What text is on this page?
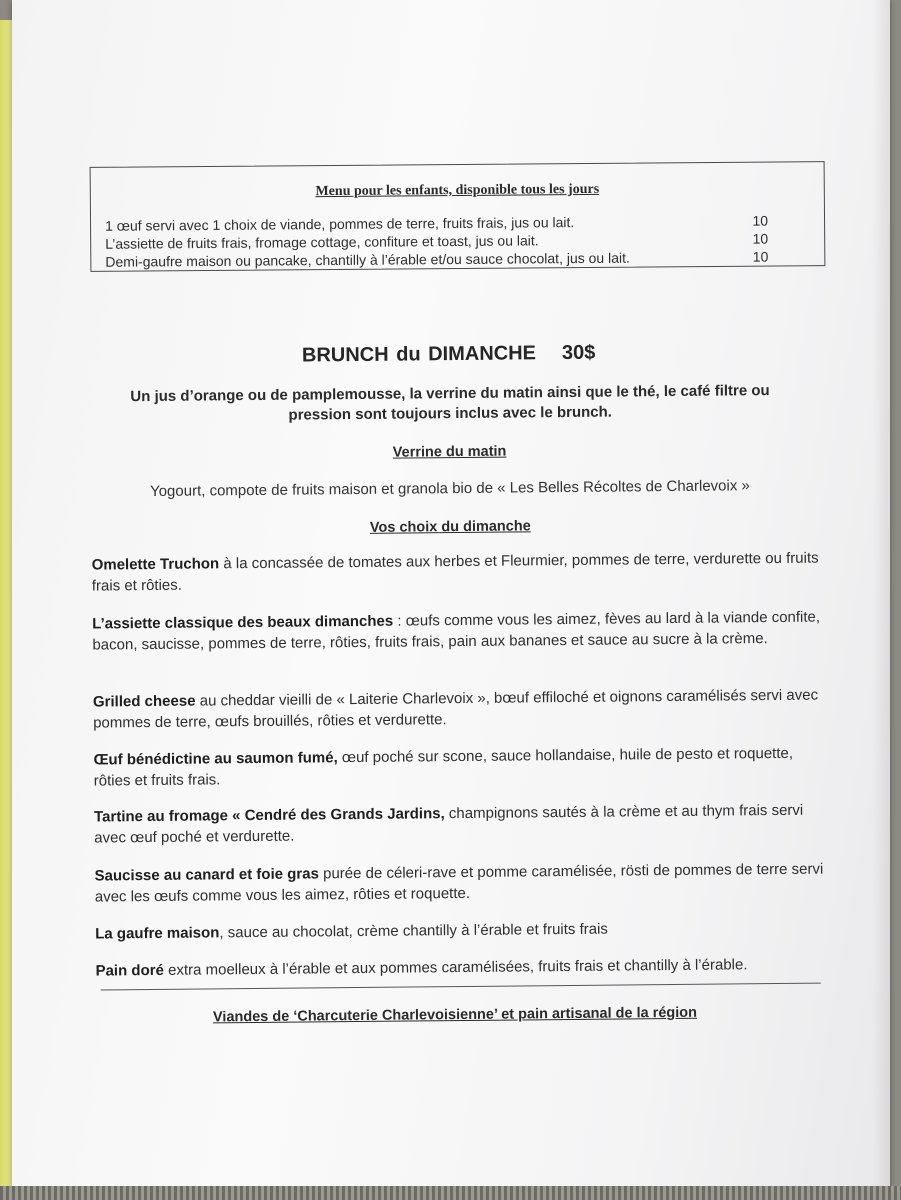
Menu pour les enfants, disponible tous les jours
1 œuf servi avec 1 choix de viande, pommes de terre, fruits frais, jus ou lait.	10
L’assiette de fruits frais, fromage cottage, confiture et toast, jus ou lait.	10
Demi-gaufre maison ou pancake, chantilly à l’érable et/ou sauce chocolat, jus ou lait.	10
BRUNCH du DIMANCHE 30$
Un jus d’orange ou de pamplemousse, la verrine du matin ainsi que le thé, le café filtre ou pression sont toujours inclus avec le brunch.
Verrine du matin
Yogourt, compote de fruits maison et granola bio de « Les Belles Récoltes de Charlevoix »
Vos choix du dimanche
Omelette Truchon à la concassée de tomates aux herbes et Fleurmier, pommes de terre, verdurette ou fruits frais et rôties.
L’assiette classique des beaux dimanches : œufs comme vous les aimez, fèves au lard à la viande confite, bacon, saucisse, pommes de terre, rôties, fruits frais, pain aux bananes et sauce au sucre à la crème.
Grilled cheese au cheddar vieilli de « Laiterie Charlevoix », bœuf effiloché et oignons caramélisés servi avec pommes de terre, œufs brouillés, rôties et verdurette.
Œuf bénédictine au saumon fumé, œuf poché sur scone, sauce hollandaise, huile de pesto et roquette, rôties et fruits frais.
Tartine au fromage « Cendré des Grands Jardins, champignons sautés à la crème et au thym frais servi avec œuf poché et verdurette.
Saucisse au canard et foie gras purée de céleri-rave et pomme caramélisée, rösti de pommes de terre servi avec les œufs comme vous les aimez, rôties et roquette.
La gaufre maison, sauce au chocolat, crème chantilly à l’érable et fruits frais
Pain doré extra moelleux à l’érable et aux pommes caramélisées, fruits frais et chantilly à l’érable.
Viandes de ‘Charcuterie Charlevoisienne’ et pain artisanal de la région
